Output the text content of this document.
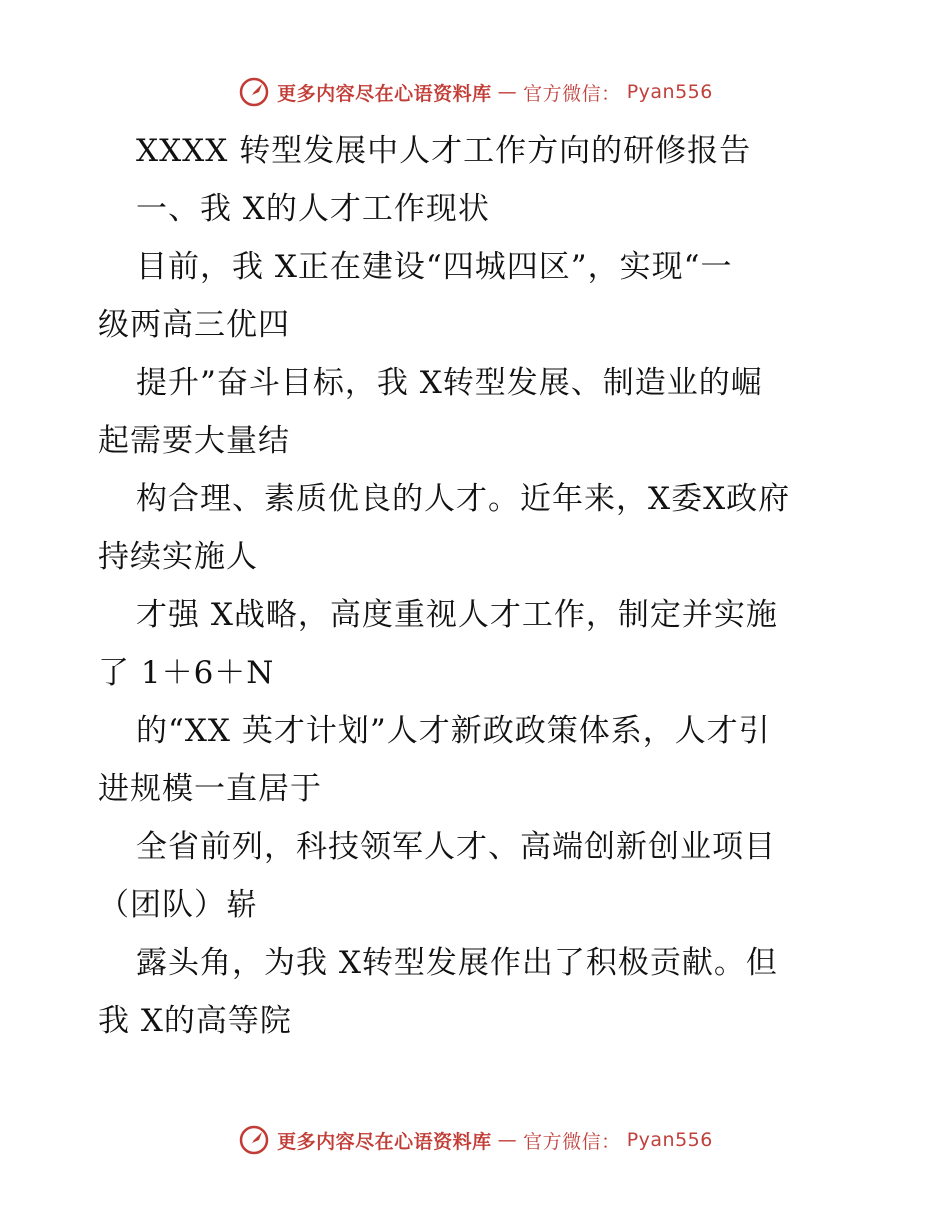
更多内容尽在心语资料库 — 官方微信： Pyan556
XXXX 转型发展中人才工作方向的研修报告
一、我 X的人才工作现状
目前，我 X正在建设“四城四区”，实现“一
级两高三优四
提升”奋斗目标，我 X转型发展、制造业的崛
起需要大量结
构合理、素质优良的人才。近年来，X委X政府
持续实施人
才强 X战略，高度重视人才工作，制定并实施
了 1＋6＋N
的“XX 英才计划”人才新政政策体系，人才引
进规模一直居于
全省前列，科技领军人才、高端创新创业项目
（团队）崭
露头角，为我 X转型发展作出了积极贡献。但
我 X的高等院
更多内容尽在心语资料库 — 官方微信： Pyan556
